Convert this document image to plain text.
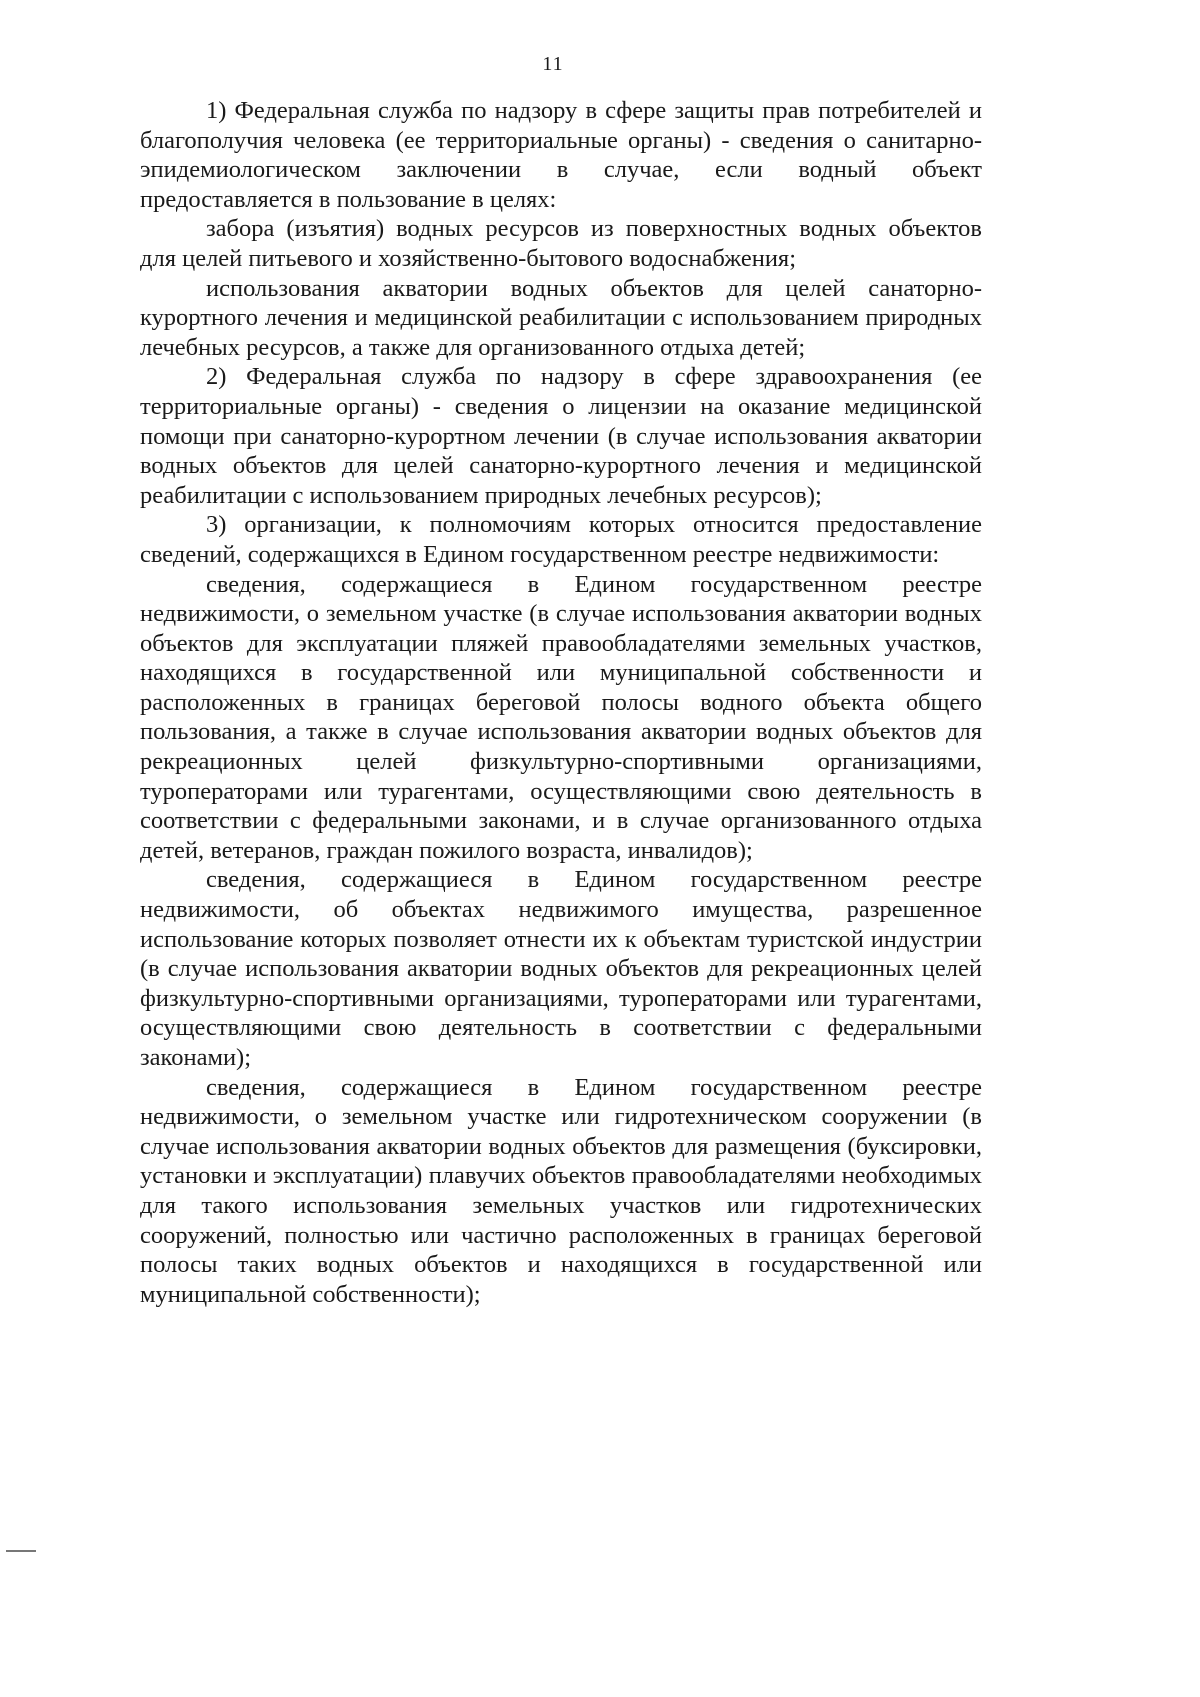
11

1) Федеральная служба по надзору в сфере защиты прав потребителей и благополучия человека (ее территориальные органы) - сведения о санитарно-эпидемиологическом заключении в случае, если водный объект предоставляется в пользование в целях:

забора (изъятия) водных ресурсов из поверхностных водных объектов для целей питьевого и хозяйственно-бытового водоснабжения;

использования акватории водных объектов для целей санаторно-курортного лечения и медицинской реабилитации с использованием природных лечебных ресурсов, а также для организованного отдыха детей;

2) Федеральная служба по надзору в сфере здравоохранения (ее территориальные органы) - сведения о лицензии на оказание медицинской помощи при санаторно-курортном лечении (в случае использования акватории водных объектов для целей санаторно-курортного лечения и медицинской реабилитации с использованием природных лечебных ресурсов);

3) организации, к полномочиям которых относится предоставление сведений, содержащихся в Едином государственном реестре недвижимости:

сведения, содержащиеся в Едином государственном реестре недвижимости, о земельном участке (в случае использования акватории водных объектов для эксплуатации пляжей правообладателями земельных участков, находящихся в государственной или муниципальной собственности и расположенных в границах береговой полосы водного объекта общего пользования, а также в случае использования акватории водных объектов для рекреационных целей физкультурно-спортивными организациями, туроператорами или турагентами, осуществляющими свою деятельность в соответствии с федеральными законами, и в случае организованного отдыха детей, ветеранов, граждан пожилого возраста, инвалидов);

сведения, содержащиеся в Едином государственном реестре недвижимости, об объектах недвижимого имущества, разрешенное использование которых позволяет отнести их к объектам туристской индустрии (в случае использования акватории водных объектов для рекреационных целей физкультурно-спортивными организациями, туроператорами или турагентами, осуществляющими свою деятельность в соответствии с федеральными законами);

сведения, содержащиеся в Едином государственном реестре недвижимости, о земельном участке или гидротехническом сооружении (в случае использования акватории водных объектов для размещения (буксировки, установки и эксплуатации) плавучих объектов правообладателями необходимых для такого использования земельных участков или гидротехнических сооружений, полностью или частично расположенных в границах береговой полосы таких водных объектов и находящихся в государственной или муниципальной собственности);
